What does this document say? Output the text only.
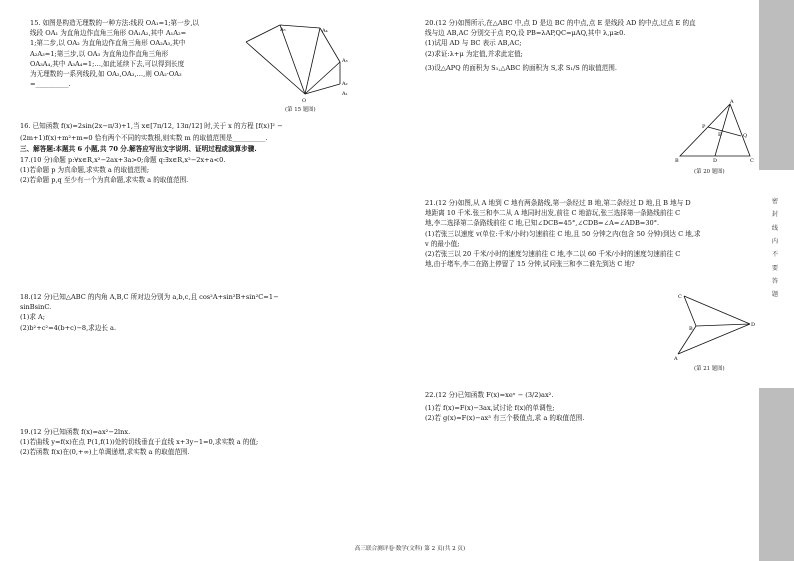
15. 如图是构造无理数的一种方法:线段 OA₁=1;第一步,以

线段 OA₁ 为直角边作直角三角形 OA₁A₂,其中 A₁A₂=

1;第二步,以 OA₂ 为直角边作直角三角形 OA₂A₃,其中

A₂A₃=1;第三步,以 OA₃ 为直角边作直角三角形

OA₃A₄,其中 A₃A₄=1;…,如此延续下去,可以得到长度

为无理数的一系列线段,如 OA₂,OA₃,…,则 OA₂·OA₃

=__________.

A₅	A₄
A₃
A₂
A₁
O
(第 15 题图)

16. 已知函数 f(x)=2sin(2x−π/3)+1,当 x∈[7π/12, 13π/12] 时,关于 x 的方程 [f(x)]² −

(2m+1)f(x)+m²+m=0 恰有两个不同的实数根,则实数 m 的取值范围是__________.

三、解答题:本题共 6 小题,共 70 分.解答应写出文字说明、证明过程或演算步骤.

17.(10 分)命题 p:∀x∈R,x²−2ax+3a>0;命题 q:∃x∈R,x²−2x+a<0.

(1)若命题 p 为真命题,求实数 a 的取值范围;

(2)若命题 p,q 至少有一个为真命题,求实数 a 的取值范围.

18.(12 分)已知△ABC 的内角 A,B,C 所对边分别为 a,b,c,且 cos²A+sin²B+sin²C=1−

sinBsinC.

(1)求 A;

(2)b²+c²=4(b+c)−8,求边长 a.

19.(12 分)已知函数 f(x)=ax²−2lnx.

(1)若曲线 y=f(x)在点 P(1,f(1))处的切线垂直于直线 x+3y−1=0,求实数 a 的值;

(2)若函数 f(x)在(0,+∞)上单调递增,求实数 a 的取值范围.

20.(12 分)如图所示,在△ABC 中,点 D 是边 BC 的中点,点 E 是线段 AD 的中点,过点 E 的直

线与边 AB,AC 分别交于点 P,Q,设 PB=λAP,QC=μAQ,其中 λ,μ≥0.

(1)试用 AD 与 BC 表示 AB,AC;

(2)求证:λ+μ 为定值,并求此定值;

(3)设△APQ 的面积为 S₁,△ABC 的面积为 S,求 S₁/S 的取值范围.

A
P
E	Q
B	D	C
(第 20 题图)

21.(12 分)如图,从 A 地到 C 地有两条路线,第一条经过 B 地,第二条经过 D 地,且 B 地与 D

地距离 10 千米.张三和李二从 A 地同时出发,前往 C 地游玩,张三选择第一条路线前往 C

地,李二选择第二条路线前往 C 地,已知∠DCB=45°,∠CDB=∠A=∠ADB=30°.

(1)若张三以速度 v(单位:千米/小时)匀速前往 C 地,且 50 分钟之内(包含 50 分钟)到达 C 地,求

v 的最小值;

(2)若张三以 20 千米/小时的速度匀速前往 C 地,李二以 60 千米/小时的速度匀速前往 C

地,由于堵车,李二在路上停留了 15 分钟,试问张三和李二谁先到达 C 地?

C
B
D
A
(第 21 题图)

22.(12 分)已知函数 F(x)=xeˣ − (3/2)ax².

(1)若 f(x)=F(x)−3ax,试讨论 f(x)的单调性;

(2)若 g(x)=F(x)−ax³ 有三个极值点,求 a 的取值范围.

密
封
线
内
不
要
答
题
高三联合测评卷·数学(文科) 第 2 页(共 2 页)
